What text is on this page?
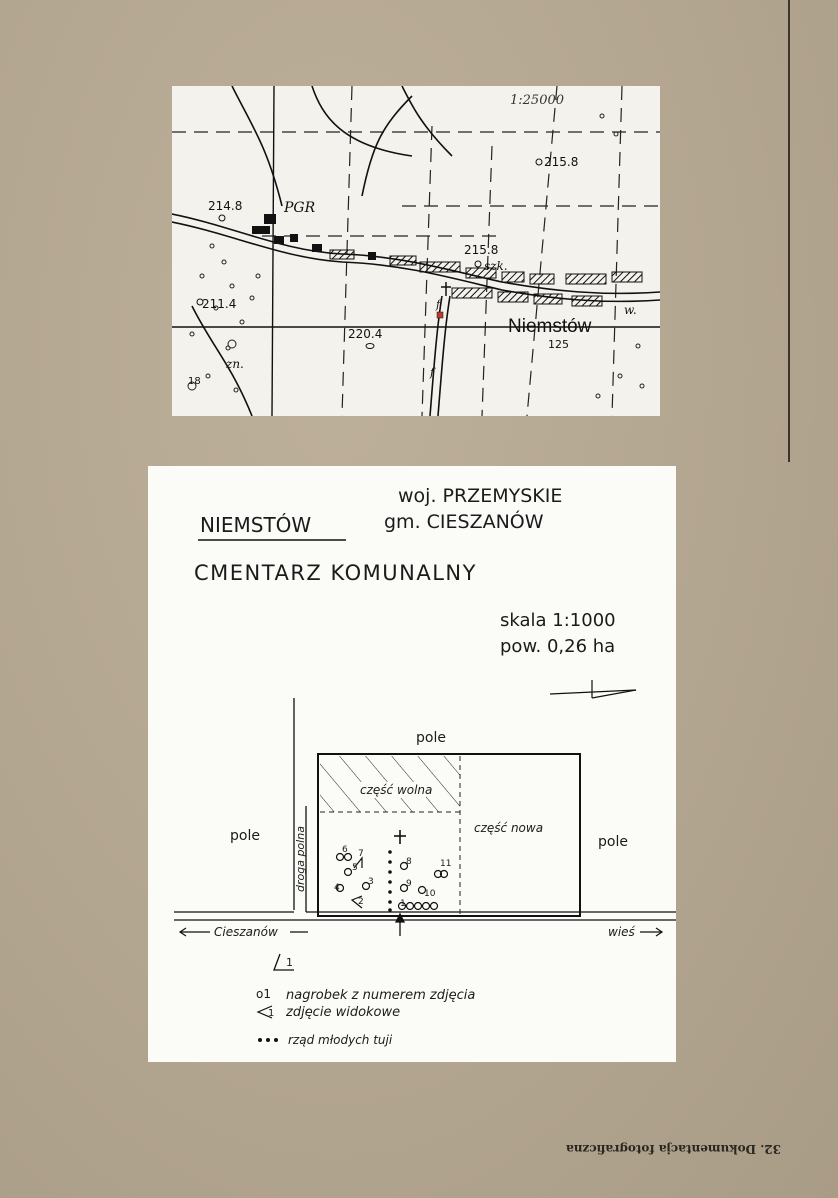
1:25000
215.8
214.8	PGR
215.8
szk.
w.
f
f
211.4
220.4	Niemstów
125
zn.
18
woj. PRZEMYSKIE
NIEMSTÓW	gm. CIESZANÓW
CMENTARZ KOMUNALNY
skala 1:1000
pow. 0,26 ha
pole
pole	pole
część wolna
część nowa
droga polna
Cieszanów	wieś
1
2
3
4
5
6 7
8
9
10
11
1
o1 nagrobek z numerem zdjęcia
1 zdjęcie widokowe
rząd młodych tuji
32. Dokumentacja fotograficzna
